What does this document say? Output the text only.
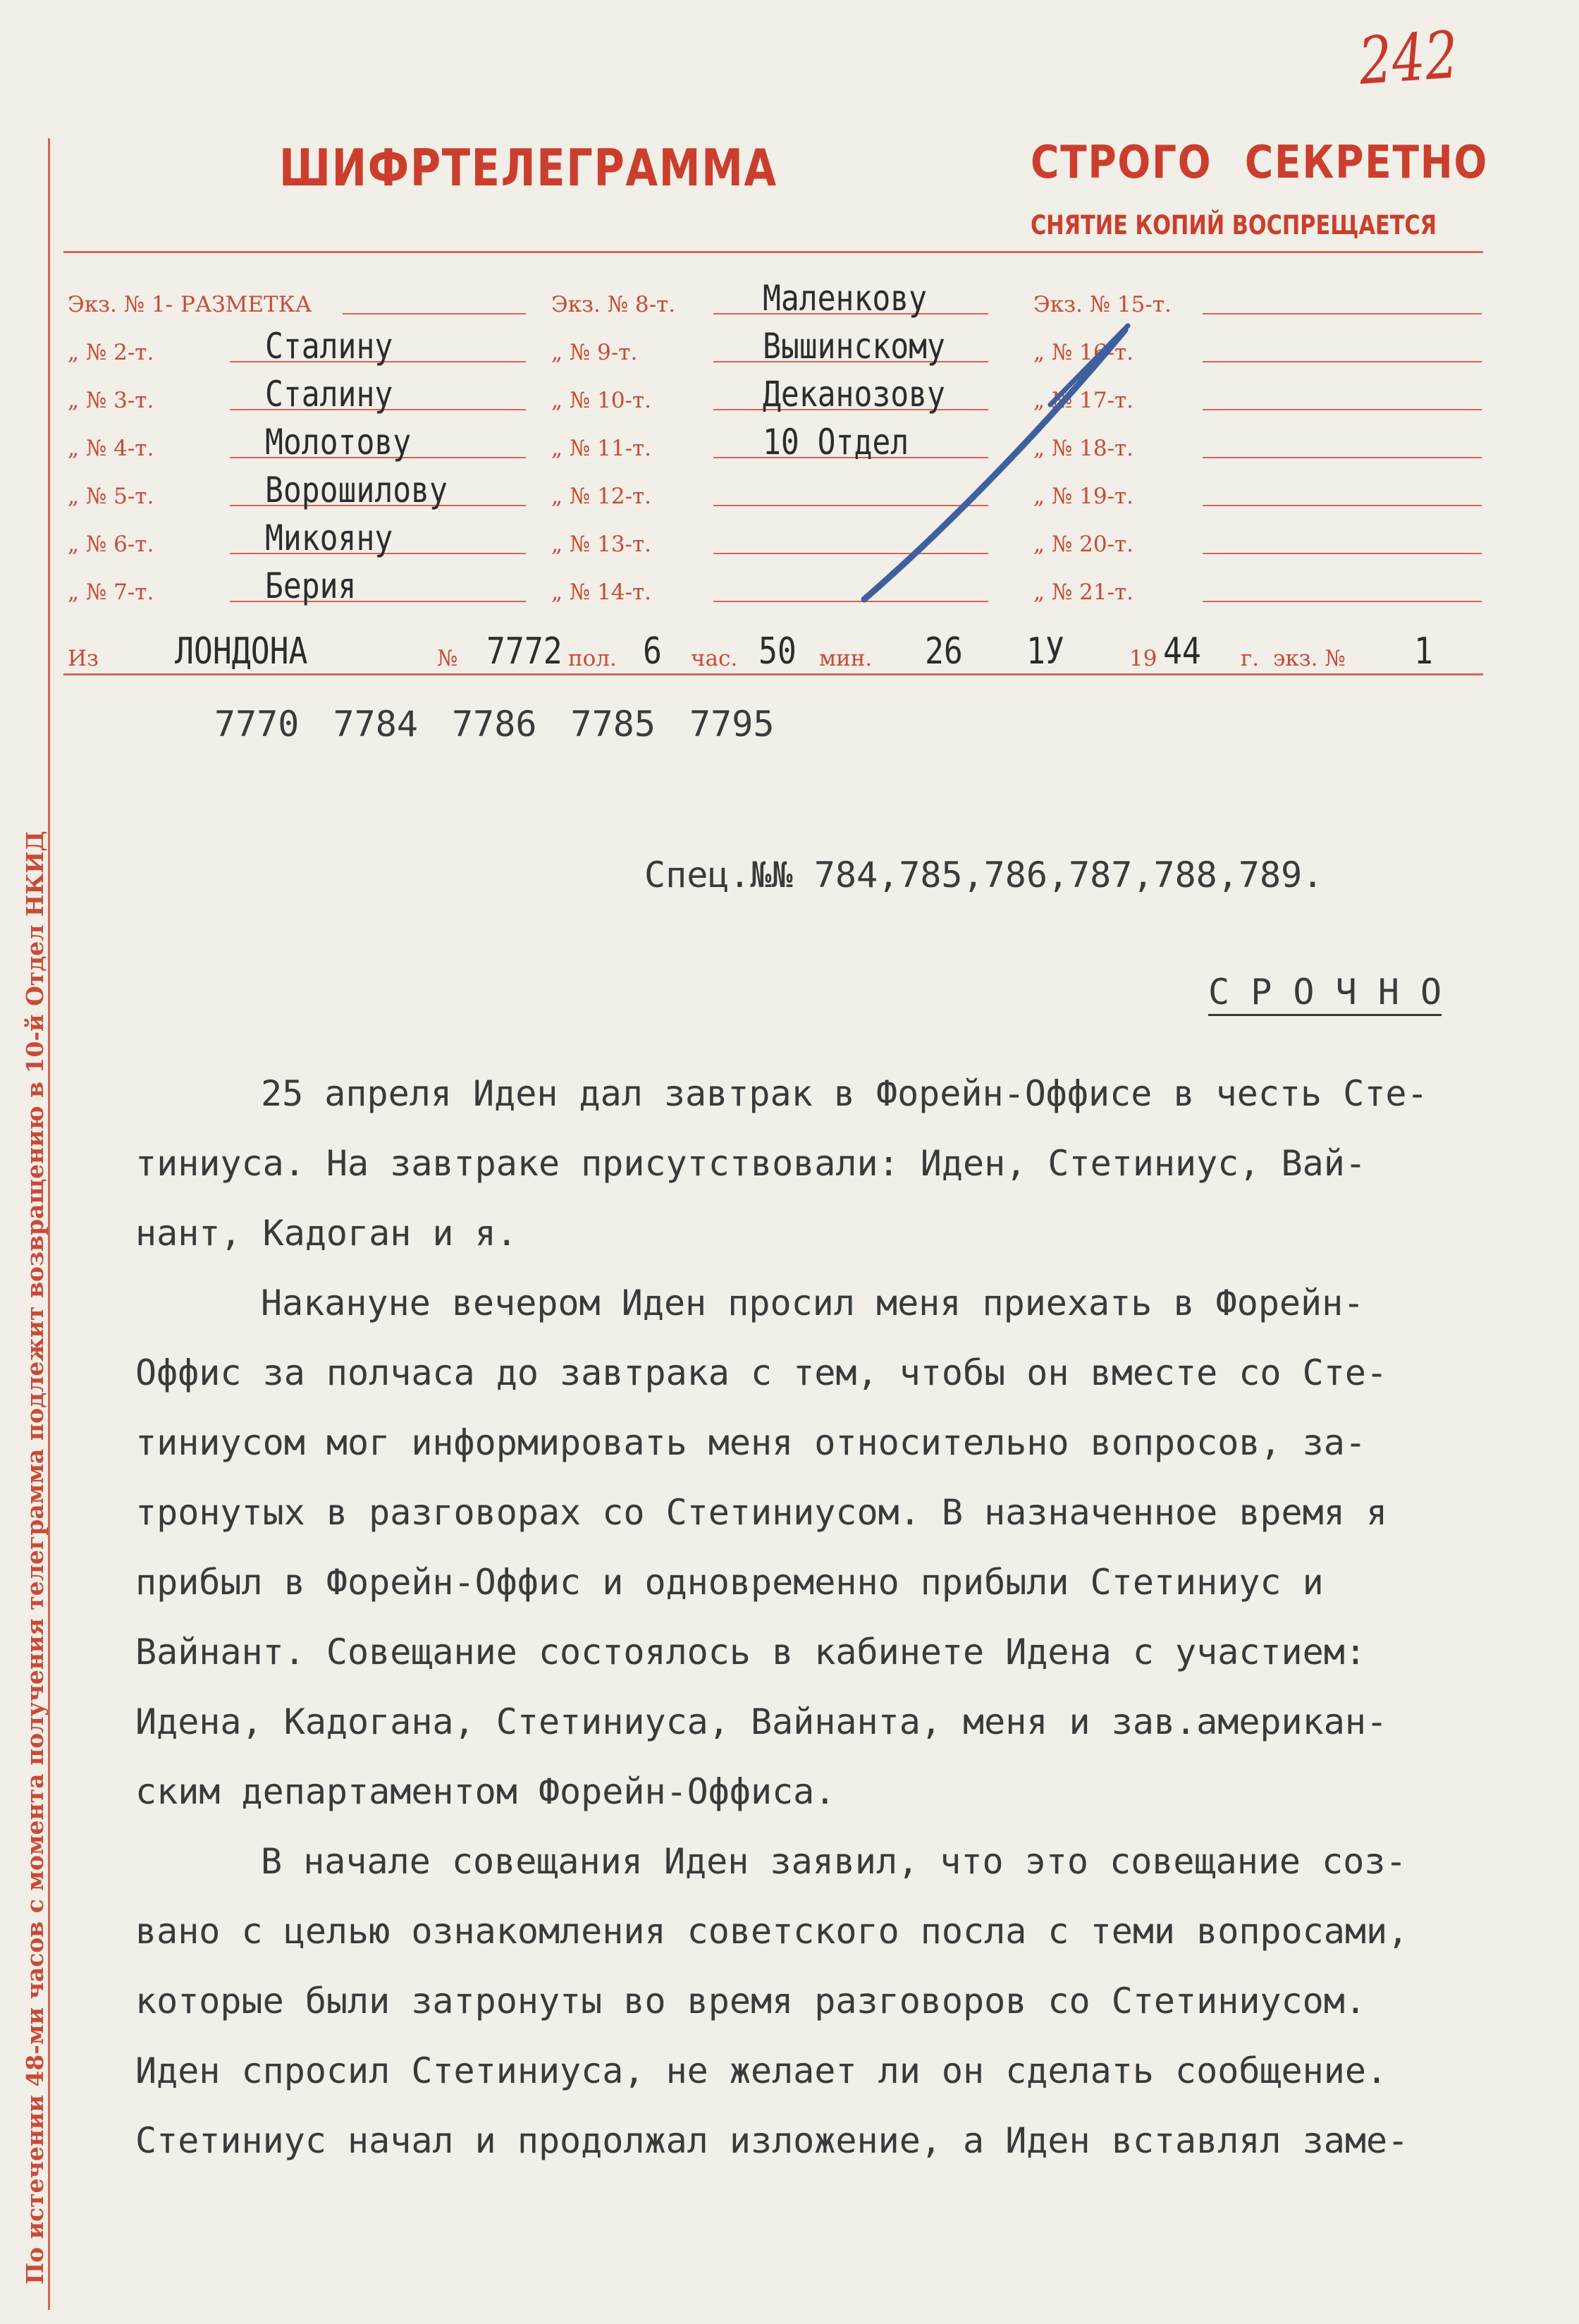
242
По истечении 48-ми часов с момента получения телеграмма подлежит возвращению в 10-й Отдел НКИД
ШИФРТЕЛЕГРАММА	СТРОГО СЕКРЕТНО
СНЯТИЕ КОПИЙ ВОСПРЕЩАЕТСЯ
Экз. № 1- РАЗМЕТКА
„ № 2-т.	Сталину
„ № 3-т.	Сталину
„ № 4-т.	Молотову
„ № 5-т.	Ворошилову
„ № 6-т.	Микояну
„ № 7-т.	Берия
Экз. № 8-т. Маленкову
„ № 9-т.	Вышинскому
„ № 10-т.	Деканозову
„ № 11-т.	10 Отдел
„ № 12-т.
„ № 13-т.
„ № 14-т.
Экз. № 15-т.
„ № 16-т.
„ № 17-т.
„ № 18-т.
„ № 19-т.
„ № 20-т.
„ № 21-т.
Из ЛОНДОНА	№ 7772 пол. 6 час. 50 мин. 26 1У	19 44 г. экз. № 1
7770 7784 7786 7785 7795
Спец.№№ 784,785,786,787,788,789.
С Р О Ч Н О
25 апреля Иден дал завтрак в Форейн-Оффисе в честь Сте-
тиниуса. На завтраке присутствовали: Иден, Стетиниус, Вай-
нант, Кадоган и я.
Накануне вечером Иден просил меня приехать в Форейн-
Оффис за полчаса до завтрака с тем, чтобы он вместе со Сте-
тиниусом мог информировать меня относительно вопросов, за-
тронутых в разговорах со Стетиниусом. В назначенное время я
прибыл в Форейн-Оффис и одновременно прибыли Стетиниус и
Вайнант. Совещание состоялось в кабинете Идена с участием:
Идена, Кадогана, Стетиниуса, Вайнанта, меня и зав.американ-
ским департаментом Форейн-Оффиса.
В начале совещания Иден заявил, что это совещание соз-
вано с целью ознакомления советского посла с теми вопросами,
которые были затронуты во время разговоров со Стетиниусом.
Иден спросил Стетиниуса, не желает ли он сделать сообщение.
Стетиниус начал и продолжал изложение, а Иден вставлял заме-
